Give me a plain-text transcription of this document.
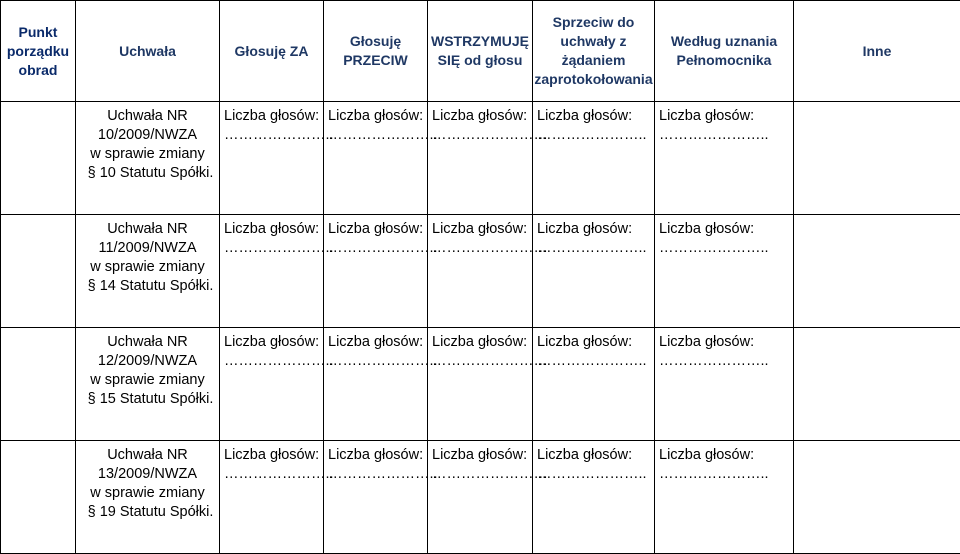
Punkt porządku obrad	Uchwała	Głosuję ZA	Głosuję PRZECIW	WSTRZYMUJĘ SIĘ od głosu	Sprzeciw do uchwały z żądaniem zaprotokołowania	Według uznania Pełnomocnika	Inne

	Uchwała NR
10/2009/NWZA
w sprawie zmiany
§ 10 Statutu Spółki.	Liczba głosów:
…………………..	Liczba głosów:
…………………..	Liczba głosów:
……………………	Liczba głosów:
…………………..	Liczba głosów:
…………………..	

	Uchwała NR
11/2009/NWZA
w sprawie zmiany
§ 14 Statutu Spółki.	Liczba głosów:
…………………..	Liczba głosów:
…………………..	Liczba głosów:
……………………	Liczba głosów:
…………………..	Liczba głosów:
…………………..	

	Uchwała NR
12/2009/NWZA
w sprawie zmiany
§ 15 Statutu Spółki.	Liczba głosów:
…………………..	Liczba głosów:
…………………..	Liczba głosów:
……………………	Liczba głosów:
…………………..	Liczba głosów:
…………………..	

	Uchwała NR
13/2009/NWZA
w sprawie zmiany
§ 19 Statutu Spółki.	Liczba głosów:
…………………..	Liczba głosów:
…………………..	Liczba głosów:
……………………	Liczba głosów:
…………………..	Liczba głosów:
…………………..	
